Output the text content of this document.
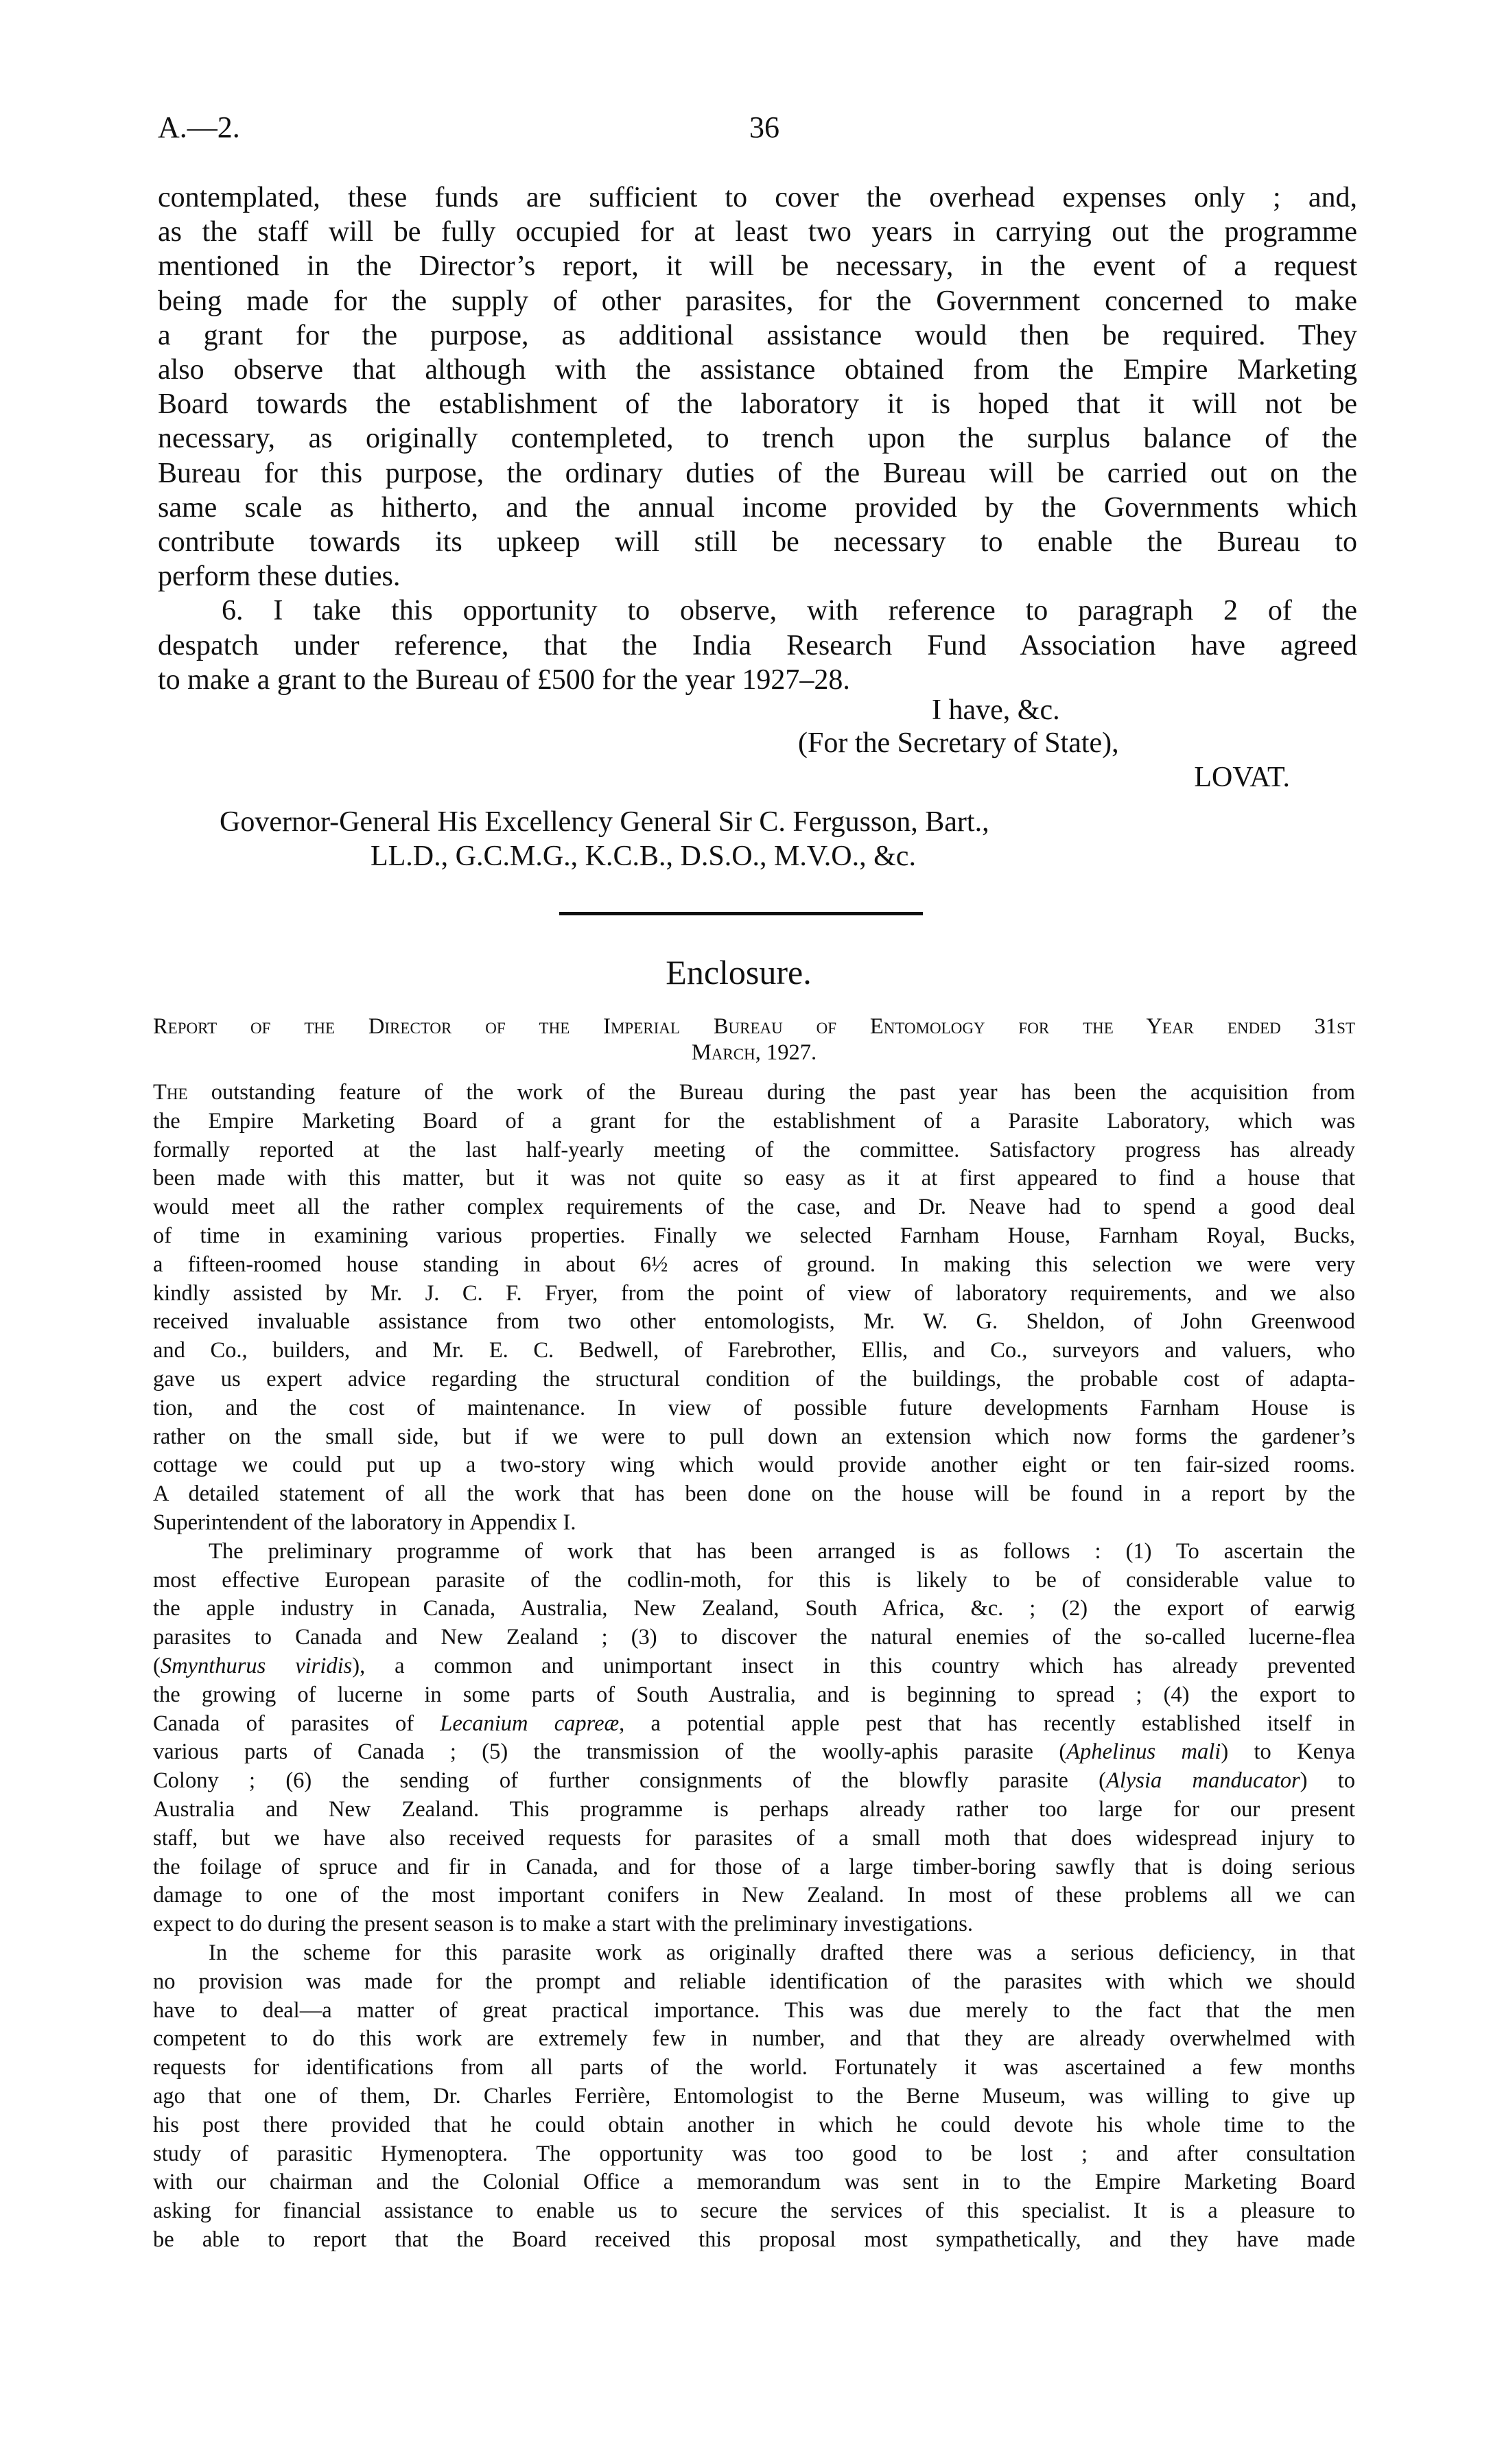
A.—2.	36
contemplated, these funds are sufficient to cover the overhead expenses only ; and,
as the staff will be fully occupied for at least two years in carrying out the programme
mentioned in the Director’s report, it will be necessary, in the event of a request
being made for the supply of other parasites, for the Government concerned to make
a grant for the purpose, as additional assistance would then be required. They
also observe that although with the assistance obtained from the Empire Marketing
Board towards the establishment of the laboratory it is hoped that it will not be
necessary, as originally contempleted, to trench upon the surplus balance of the
Bureau for this purpose, the ordinary duties of the Bureau will be carried out on the
same scale as hitherto, and the annual income provided by the Governments which
contribute towards its upkeep will still be necessary to enable the Bureau to
perform these duties.
6. I take this opportunity to observe, with reference to paragraph 2 of the
despatch under reference, that the India Research Fund Association have agreed
to make a grant to the Bureau of £500 for the year 1927–28.
I have, &c.
(For the Secretary of State),
LOVAT.
Governor-General His Excellency General Sir C. Fergusson, Bart.,
LL.D., G.C.M.G., K.C.B., D.S.O., M.V.O., &c.
Enclosure.
Report of the Director of the Imperial Bureau of Entomology for the Year ended 31st
March, 1927.
The outstanding feature of the work of the Bureau during the past year has been the acquisition from
the Empire Marketing Board of a grant for the establishment of a Parasite Laboratory, which was
formally reported at the last half-yearly meeting of the committee. Satisfactory progress has already
been made with this matter, but it was not quite so easy as it at first appeared to find a house that
would meet all the rather complex requirements of the case, and Dr. Neave had to spend a good deal
of time in examining various properties. Finally we selected Farnham House, Farnham Royal, Bucks,
a fifteen-roomed house standing in about 6½ acres of ground. In making this selection we were very
kindly assisted by Mr. J. C. F. Fryer, from the point of view of laboratory requirements, and we also
received invaluable assistance from two other entomologists, Mr. W. G. Sheldon, of John Greenwood
and Co., builders, and Mr. E. C. Bedwell, of Farebrother, Ellis, and Co., surveyors and valuers, who
gave us expert advice regarding the structural condition of the buildings, the probable cost of adapta-
tion, and the cost of maintenance. In view of possible future developments Farnham House is
rather on the small side, but if we were to pull down an extension which now forms the gardener’s
cottage we could put up a two-story wing which would provide another eight or ten fair-sized rooms.
A detailed statement of all the work that has been done on the house will be found in a report by the
Superintendent of the laboratory in Appendix I.
The preliminary programme of work that has been arranged is as follows : (1) To ascertain the
most effective European parasite of the codlin-moth, for this is likely to be of considerable value to
the apple industry in Canada, Australia, New Zealand, South Africa, &c. ; (2) the export of earwig
parasites to Canada and New Zealand ; (3) to discover the natural enemies of the so-called lucerne-flea
(Smynthurus viridis), a common and unimportant insect in this country which has already prevented
the growing of lucerne in some parts of South Australia, and is beginning to spread ; (4) the export to
Canada of parasites of Lecanium capreæ, a potential apple pest that has recently established itself in
various parts of Canada ; (5) the transmission of the woolly-aphis parasite (Aphelinus mali) to Kenya
Colony ; (6) the sending of further consignments of the blowfly parasite (Alysia manducator) to
Australia and New Zealand. This programme is perhaps already rather too large for our present
staff, but we have also received requests for parasites of a small moth that does widespread injury to
the foilage of spruce and fir in Canada, and for those of a large timber-boring sawfly that is doing serious
damage to one of the most important conifers in New Zealand. In most of these problems all we can
expect to do during the present season is to make a start with the preliminary investigations.
In the scheme for this parasite work as originally drafted there was a serious deficiency, in that
no provision was made for the prompt and reliable identification of the parasites with which we should
have to deal—a matter of great practical importance. This was due merely to the fact that the men
competent to do this work are extremely few in number, and that they are already overwhelmed with
requests for identifications from all parts of the world. Fortunately it was ascertained a few months
ago that one of them, Dr. Charles Ferrière, Entomologist to the Berne Museum, was willing to give up
his post there provided that he could obtain another in which he could devote his whole time to the
study of parasitic Hymenoptera. The opportunity was too good to be lost ; and after consultation
with our chairman and the Colonial Office a memorandum was sent in to the Empire Marketing Board
asking for financial assistance to enable us to secure the services of this specialist. It is a pleasure to
be able to report that the Board received this proposal most sympathetically, and they have made
